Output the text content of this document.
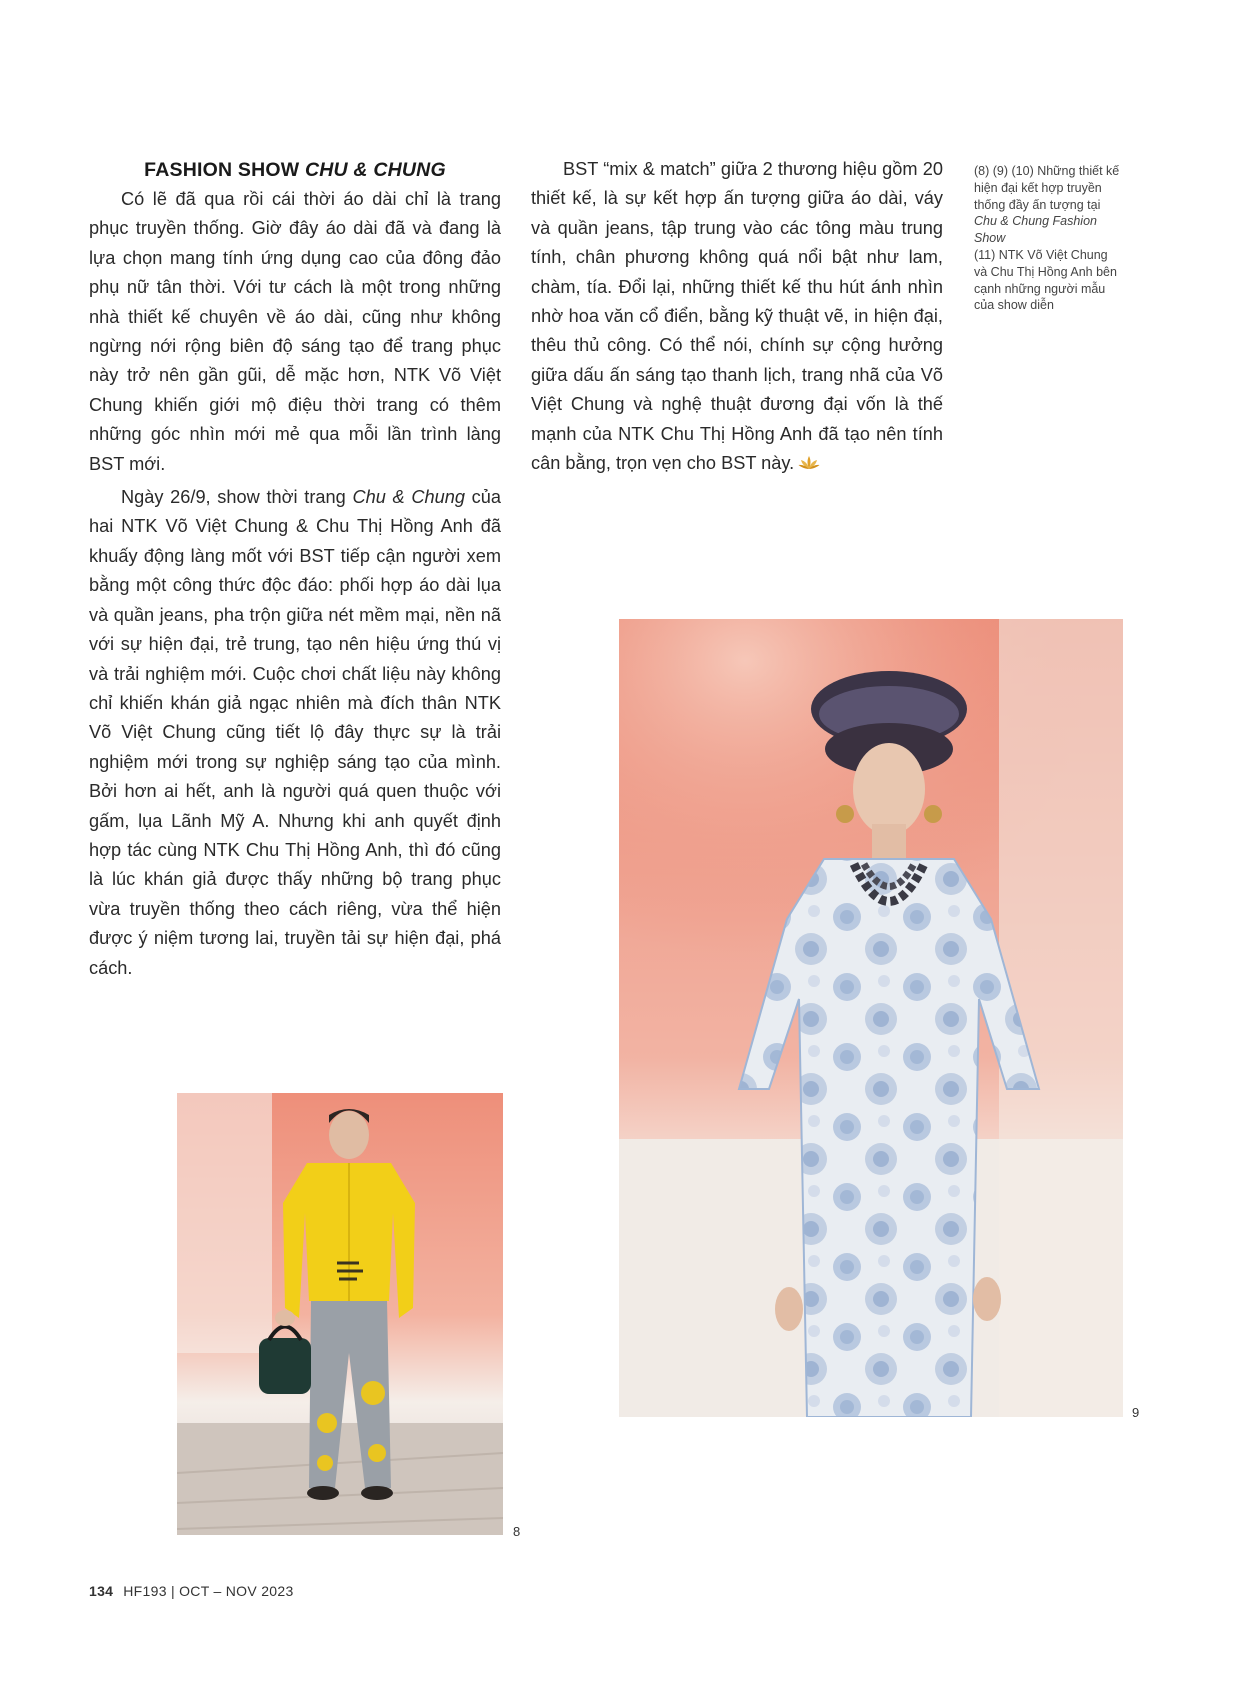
FASHION SHOW CHU & CHUNG

Có lẽ đã qua rồi cái thời áo dài chỉ là trang phục truyền thống. Giờ đây áo dài đã và đang là lựa chọn mang tính ứng dụng cao của đông đảo phụ nữ tân thời. Với tư cách là một trong những nhà thiết kế chuyên về áo dài, cũng như không ngừng nới rộng biên độ sáng tạo để trang phục này trở nên gần gũi, dễ mặc hơn, NTK Võ Việt Chung khiến giới mộ điệu thời trang có thêm những góc nhìn mới mẻ qua mỗi lần trình làng BST mới.

Ngày 26/9, show thời trang Chu & Chung của hai NTK Võ Việt Chung & Chu Thị Hồng Anh đã khuấy động làng mốt với BST tiếp cận người xem bằng một công thức độc đáo: phối hợp áo dài lụa và quần jeans, pha trộn giữa nét mềm mại, nền nã với sự hiện đại, trẻ trung, tạo nên hiệu ứng thú vị và trải nghiệm mới. Cuộc chơi chất liệu này không chỉ khiến khán giả ngạc nhiên mà đích thân NTK Võ Việt Chung cũng tiết lộ đây thực sự là trải nghiệm mới trong sự nghiệp sáng tạo của mình. Bởi hơn ai hết, anh là người quá quen thuộc với gấm, lụa Lãnh Mỹ A. Nhưng khi anh quyết định hợp tác cùng NTK Chu Thị Hồng Anh, thì đó cũng là lúc khán giả được thấy những bộ trang phục vừa truyền thống theo cách riêng, vừa thể hiện được ý niệm tương lai, truyền tải sự hiện đại, phá cách.

BST “mix & match” giữa 2 thương hiệu gồm 20 thiết kế, là sự kết hợp ấn tượng giữa áo dài, váy và quần jeans, tập trung vào các tông màu trung tính, chân phương không quá nổi bật như lam, chàm, tía. Đổi lại, những thiết kế thu hút ánh nhìn nhờ hoa văn cổ điển, bằng kỹ thuật vẽ, in hiện đại, thêu thủ công. Có thể nói, chính sự cộng hưởng giữa dấu ấn sáng tạo thanh lịch, trang nhã của Võ Việt Chung và nghệ thuật đương đại vốn là thế mạnh của NTK Chu Thị Hồng Anh đã tạo nên tính cân bằng, trọn vẹn cho BST này.

(8) (9) (10) Những thiết kế hiện đại kết hợp truyền thống đầy ấn tượng tại Chu & Chung Fashion Show
(11) NTK Võ Việt Chung và Chu Thị Hồng Anh bên cạnh những người mẫu của show diễn
9
8
134 HF193 | OCT – NOV 2023
